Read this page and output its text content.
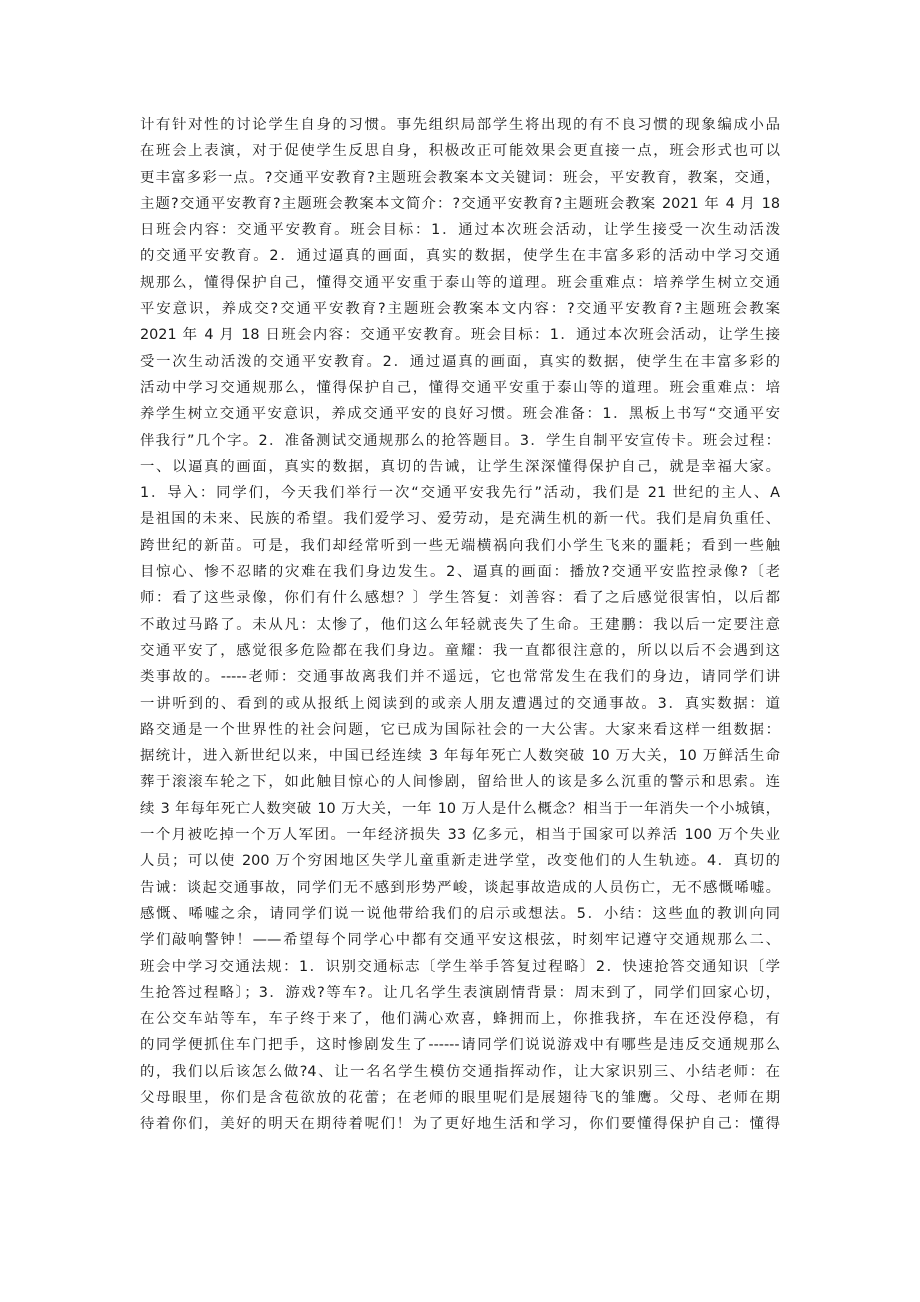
计有针对性的讨论学生自身的习惯。事先组织局部学生将出现的有不良习惯的现象编成小品
在班会上表演，对于促使学生反思自身，积极改正可能效果会更直接一点，班会形式也可以
更丰富多彩一点。?交通平安教育?主题班会教案本文关键词：班会，平安教育，教案，交通，
主题?交通平安教育?主题班会教案本文简介：?交通平安教育?主题班会教案 2021 年 4 月 18
日班会内容：交通平安教育。班会目标：1．通过本次班会活动，让学生接受一次生动活泼
的交通平安教育。2．通过逼真的画面，真实的数据，使学生在丰富多彩的活动中学习交通
规那么，懂得保护自己，懂得交通平安重于泰山等的道理。班会重难点：培养学生树立交通
平安意识，养成交?交通平安教育?主题班会教案本文内容：?交通平安教育?主题班会教案
2021 年 4 月 18 日班会内容：交通平安教育。班会目标：1．通过本次班会活动，让学生接
受一次生动活泼的交通平安教育。2．通过逼真的画面，真实的数据，使学生在丰富多彩的
活动中学习交通规那么，懂得保护自己，懂得交通平安重于泰山等的道理。班会重难点：培
养学生树立交通平安意识，养成交通平安的良好习惯。班会准备：1．黑板上书写“交通平安
伴我行”几个字。2．准备测试交通规那么的抢答题目。3．学生自制平安宣传卡。班会过程：
一、以逼真的画面，真实的数据，真切的告诫，让学生深深懂得保护自己，就是幸福大家。
1．导入：同学们，今天我们举行一次“交通平安我先行”活动，我们是 21 世纪的主人、A
是祖国的未来、民族的希望。我们爱学习、爱劳动，是充满生机的新一代。我们是肩负重任、
跨世纪的新苗。可是，我们却经常听到一些无端横祸向我们小学生飞来的噩耗；看到一些触
目惊心、惨不忍睹的灾难在我们身边发生。2、逼真的画面：播放?交通平安监控录像?〔老
师：看了这些录像，你们有什么感想？〕学生答复：刘善容：看了之后感觉很害怕，以后都
不敢过马路了。未从凡：太惨了，他们这么年轻就丧失了生命。王建鹏：我以后一定要注意
交通平安了，感觉很多危险都在我们身边。童耀：我一直都很注意的，所以以后不会遇到这
类事故的。-----老师：交通事故离我们并不遥远，它也常常发生在我们的身边，请同学们讲
一讲听到的、看到的或从报纸上阅读到的或亲人朋友遭遇过的交通事故。3．真实数据：道
路交通是一个世界性的社会问题，它已成为国际社会的一大公害。大家来看这样一组数据：
据统计，进入新世纪以来，中国已经连续 3 年每年死亡人数突破 10 万大关，10 万鲜活生命
葬于滚滚车轮之下，如此触目惊心的人间惨剧，留给世人的该是多么沉重的警示和思索。连
续 3 年每年死亡人数突破 10 万大关，一年 10 万人是什么概念？相当于一年消失一个小城镇，
一个月被吃掉一个万人军团。一年经济损失 33 亿多元，相当于国家可以养活 100 万个失业
人员；可以使 200 万个穷困地区失学儿童重新走进学堂，改变他们的人生轨迹。4．真切的
告诫：谈起交通事故，同学们无不感到形势严峻，谈起事故造成的人员伤亡，无不感慨唏嘘。
感慨、唏嘘之余，请同学们说一说他带给我们的启示或想法。5．小结：这些血的教训向同
学们敲响警钟！——希望每个同学心中都有交通平安这根弦，时刻牢记遵守交通规那么二、
班会中学习交通法规：1．识别交通标志〔学生举手答复过程略〕2．快速抢答交通知识〔学
生抢答过程略〕；3．游戏?等车?。让几名学生表演剧情背景：周末到了，同学们回家心切，
在公交车站等车，车子终于来了，他们满心欢喜，蜂拥而上，你推我挤，车在还没停稳，有
的同学便抓住车门把手，这时惨剧发生了------请同学们说说游戏中有哪些是违反交通规那么
的，我们以后该怎么做?4、让一名名学生模仿交通指挥动作，让大家识别三、小结老师：在
父母眼里，你们是含苞欲放的花蕾；在老师的眼里呢们是展翅待飞的雏鹰。父母、老师在期
待着你们，美好的明天在期待着呢们！为了更好地生活和学习，你们要懂得保护自己：懂得
